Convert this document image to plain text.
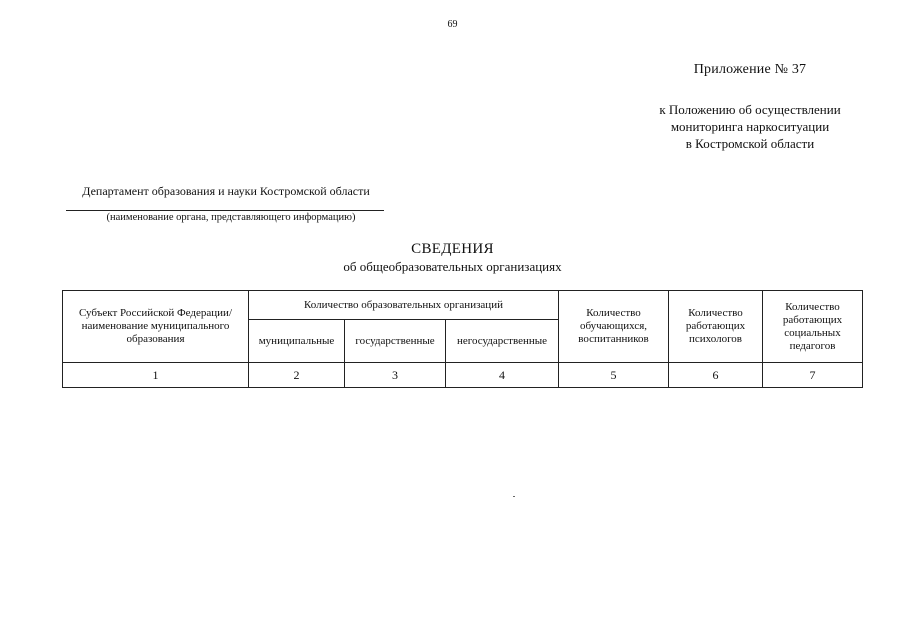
69
Приложение № 37
к Положению об осуществлении
мониторинга наркоситуации
в Костромской области
Департамент образования и науки Костромской области
(наименование органа, представляющего информацию)
СВЕДЕНИЯ
об общеобразовательных организациях
Субъект Российской Федерации/наименование муниципального образования	Количество образовательных организаций			Количество обучающихся, воспитанников	Количество работающих психологов	Количество работающих социальных педагогов
	муниципальные	государственные	негосударственные			
1	2	3	4	5	6	7
